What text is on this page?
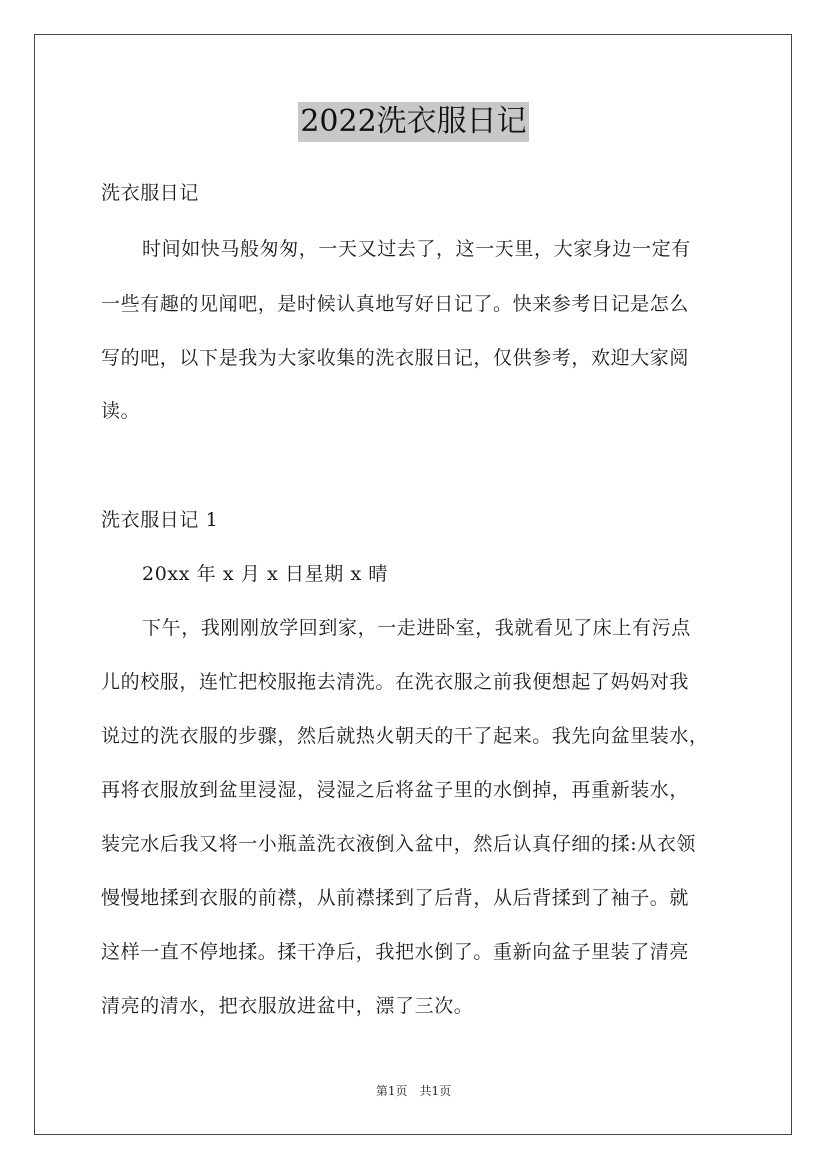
2022洗衣服日记
洗衣服日记
时间如快马般匆匆，一天又过去了，这一天里，大家身边一定有
一些有趣的见闻吧，是时候认真地写好日记了。快来参考日记是怎么
写的吧，以下是我为大家收集的洗衣服日记，仅供参考，欢迎大家阅
读。
洗衣服日记 1
20xx 年 x 月 x 日星期 x 晴
下午，我刚刚放学回到家，一走进卧室，我就看见了床上有污点
儿的校服，连忙把校服拖去清洗。在洗衣服之前我便想起了妈妈对我
说过的洗衣服的步骤，然后就热火朝天的干了起来。我先向盆里装水，
再将衣服放到盆里浸湿，浸湿之后将盆子里的水倒掉，再重新装水，
装完水后我又将一小瓶盖洗衣液倒入盆中，然后认真仔细的揉:从衣领
慢慢地揉到衣服的前襟，从前襟揉到了后背，从后背揉到了袖子。就
这样一直不停地揉。揉干净后，我把水倒了。重新向盆子里装了清亮
清亮的清水，把衣服放进盆中，漂了三次。
第1页　共1页
